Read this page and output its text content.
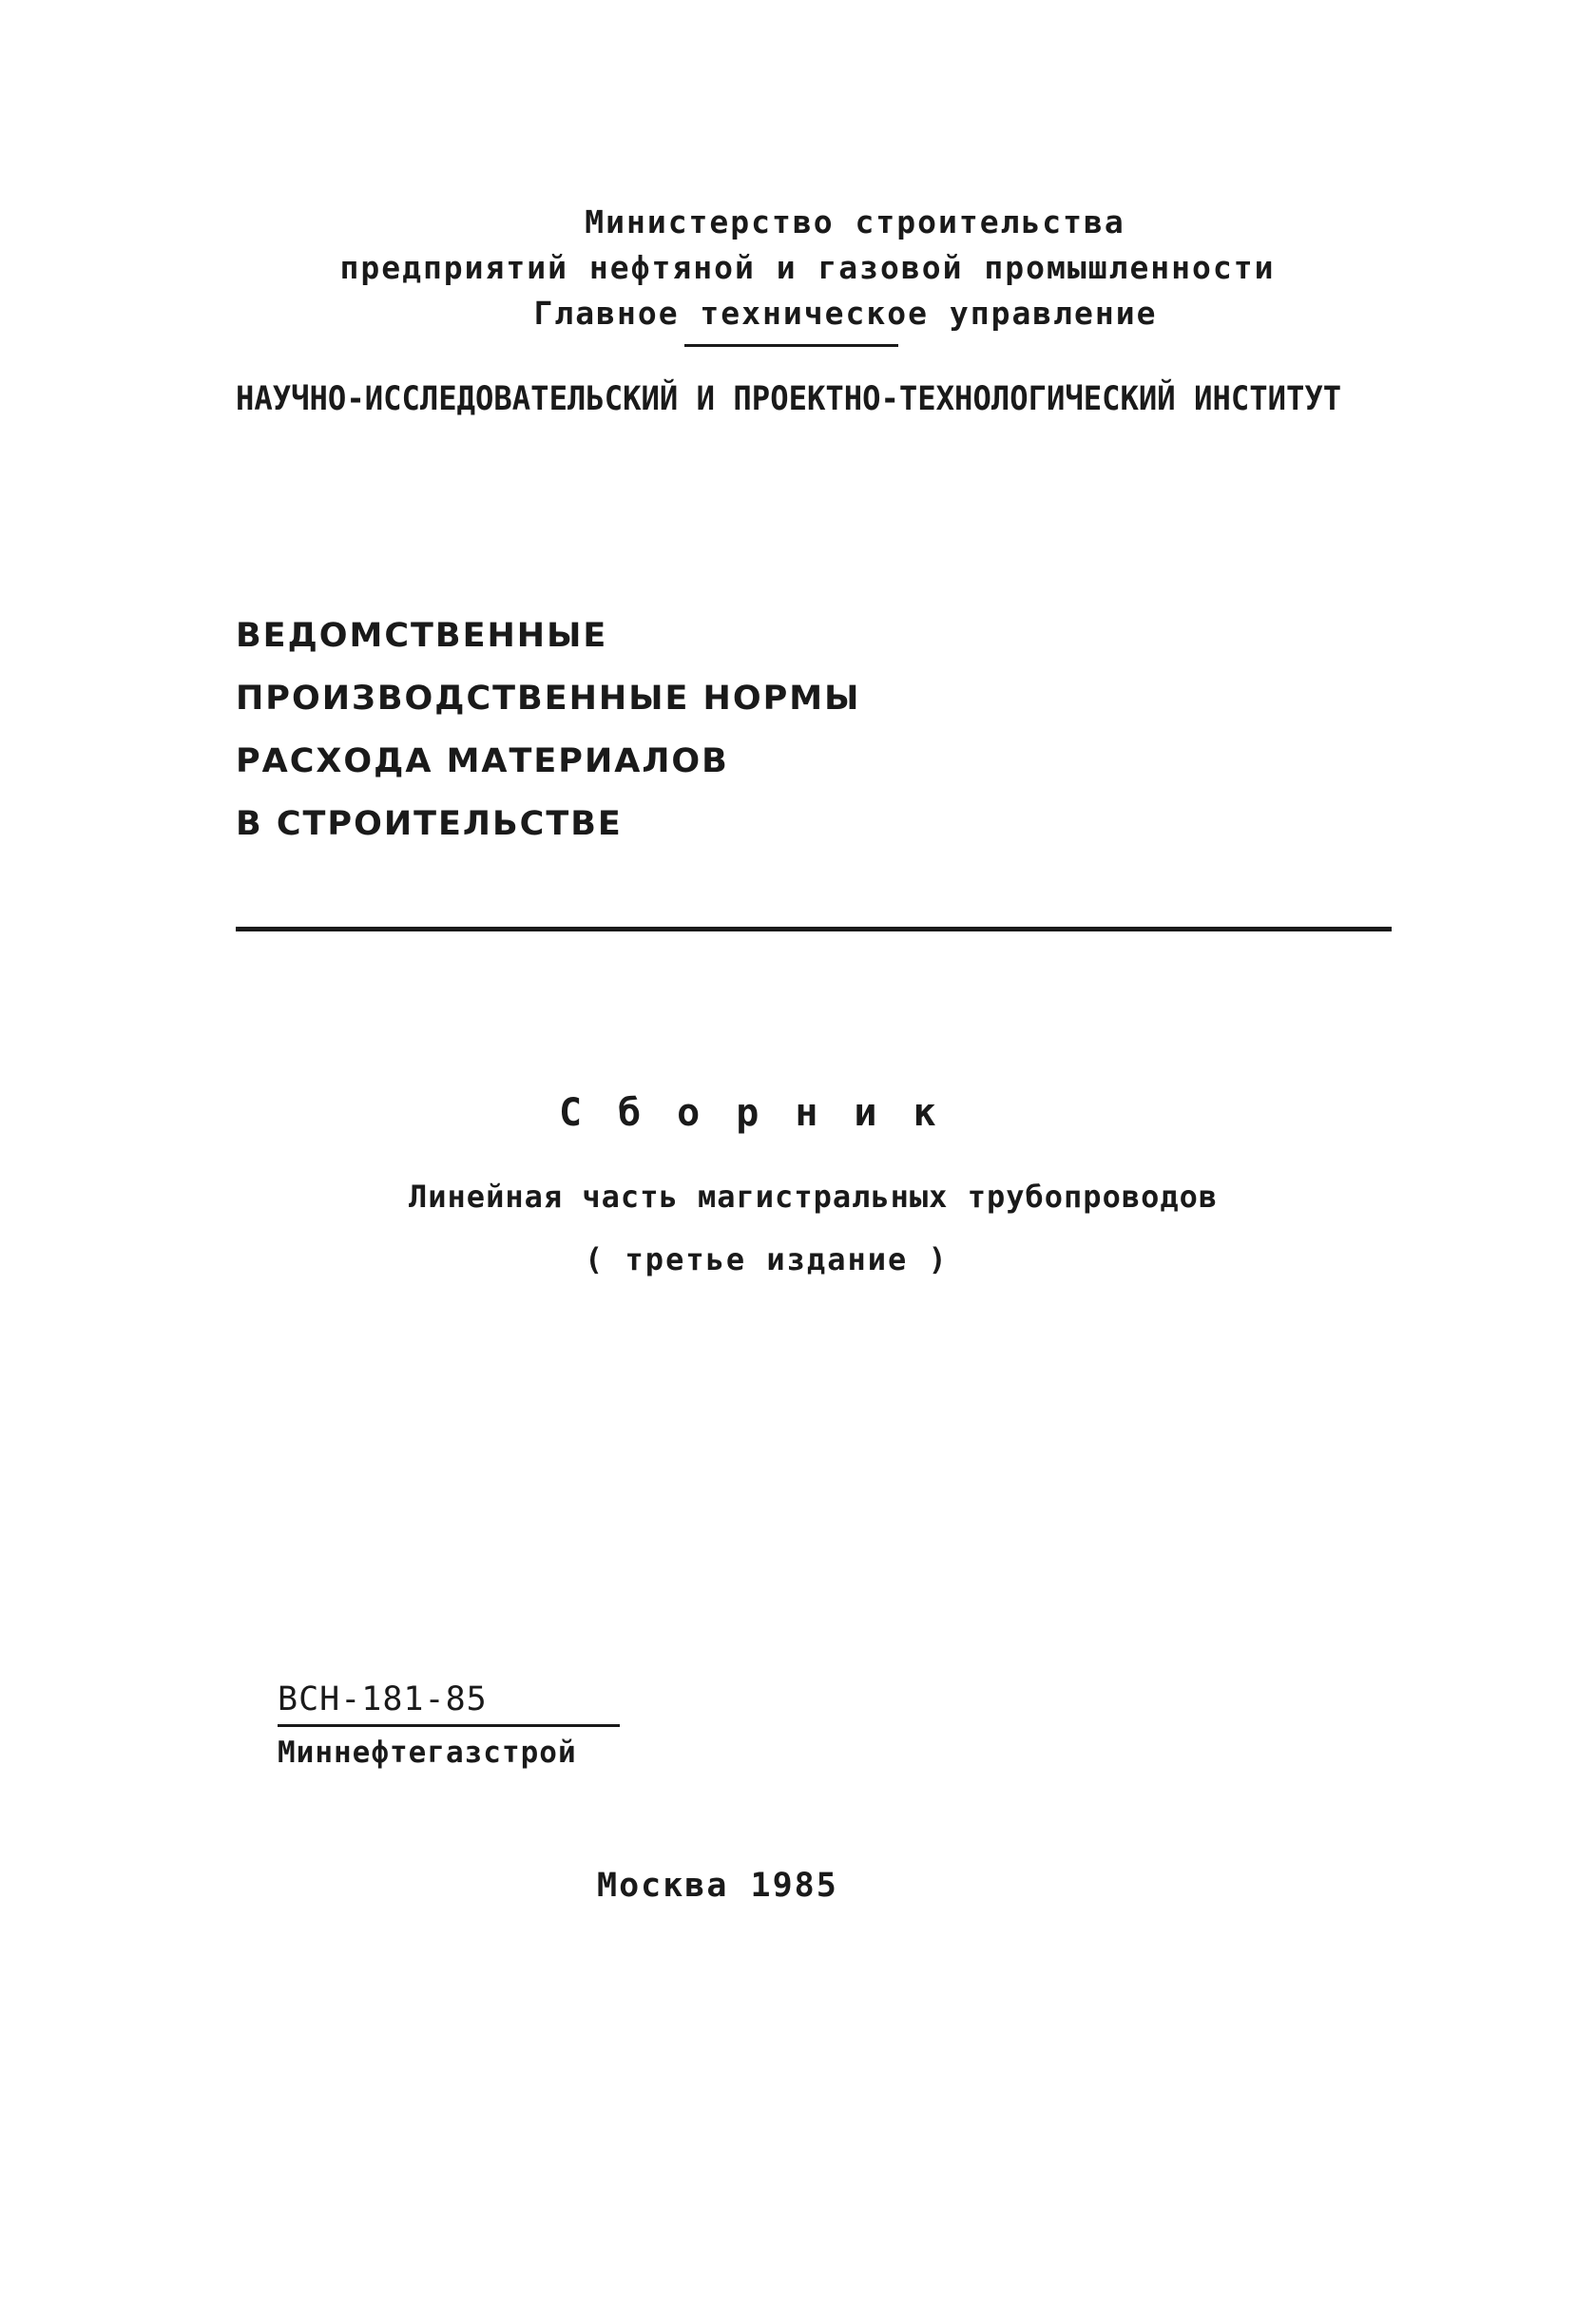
Министерство строительства
предприятий нефтяной и газовой промышленности
Главное техническое управление
НАУЧНО-ИССЛЕДОВАТЕЛЬСКИЙ И ПРОЕКТНО-ТЕХНОЛОГИЧЕСКИЙ ИНСТИТУТ
ВЕДОМСТВЕННЫЕ
ПРОИЗВОДСТВЕННЫЕ НОРМЫ
РАСХОДА МАТЕРИАЛОВ
В СТРОИТЕЛЬСТВЕ
Сборник
Линейная часть магистральных трубопроводов
( третье издание )
ВСН-181-85
Миннефтегазстрой
Москва 1985
